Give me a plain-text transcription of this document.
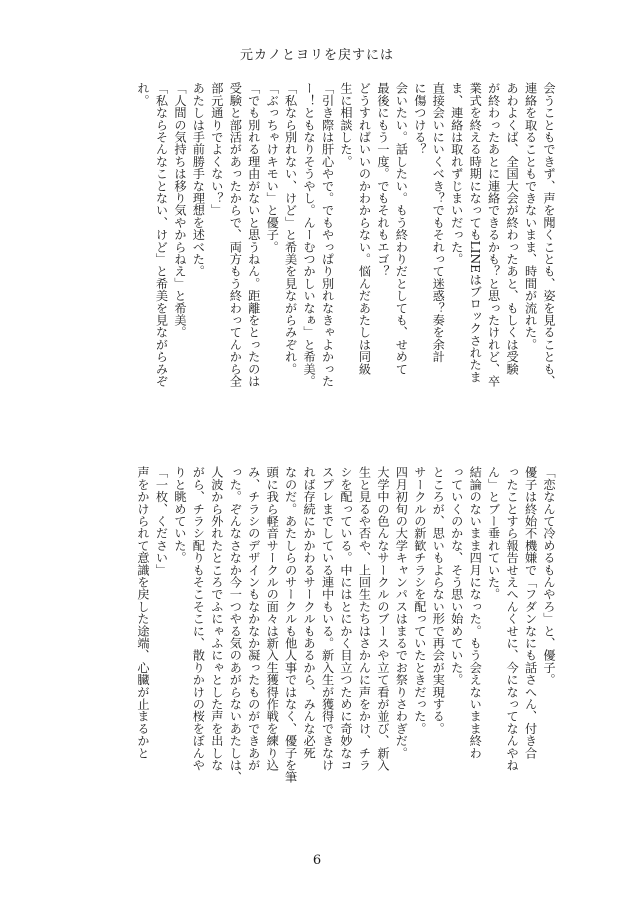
元カノとヨリを戻すには
会うこともできず、声を聞くことも、姿を見ることも、
連絡を取ることもできないまま、時間が流れた。
あわよくば、全国大会が終わったあと、もしくは受験
が終わったあとに連絡できるかも？と思ったけれど、卒
業式を終える時期になってもLINEはブロックされたま
ま、連絡は取れずじまいだった。
直接会いにいくべき？でもそれって迷惑？奏を余計
に傷つける？
会いたい。話したい。もう終わりだとしても、せめて
最後にもう一度。でもそれもエゴ？
どうすればいいのかわからない。悩んだあたしは同級
生に相談した。
「引き際は肝心やで。でもやっぱり別れなきゃよかった
ー！ともなりそうやし。んーむつかしいなぁ」と希美。
「私なら別れない、けど」と希美を見ながらみぞれ。
「ぶっちゃけキモい」と優子。
「でも別れる理由がないと思うねん。距離をとったのは
受験と部活があったからで、両方もう終わってんから全
部元通りでよくない？」
あたしは手前勝手な理想を述べた。
「人間の気持ちは移り気やからねえ」と希美。
「私ならそんなことない、けど」と希美を見ながらみぞ
れ。
「恋なんて冷めるもんやろ」と、優子。
優子は終始不機嫌で「フダンなにも話さへん、付き合
ったことすら報告せえへんくせに、今になってなんやね
ん」とブー垂れていた。
結論のないまま四月になった。もう会えないまま終わ
っていくのかな、そう思い始めていた。
ところが、思いもよらない形で再会が実現する。
サークルの新歓チラシを配っていたときだった。
四月初旬の大学キャンパスはまるでお祭りさわぎだ。
大学中の色んなサークルのブースや立て看が並び、新入
生と見るや否や、上回生たちはさかんに声をかけ、チラ
シを配っている。中にはとにかく目立つために奇妙なコ
スプレまでしている連中もいる。新入生が獲得できなけ
れば存続にかかわるサークルもあるから、みんな必死
なのだ。あたしらのサークルも他人事ではなく、優子を筆
頭に我ら軽音サークルの面々は新入生獲得作戦を練り込
み、チラシのデザインもなかなか凝ったものができあが
った。ぞんなさなか今一つやる気のあがらないあたしは、
人波から外れたところでふにゃふにゃとした声を出しな
がら、チラシ配りもそこそこに、散りかけの桜をぼんや
りと眺めていた。
「一枚、ください」
声をかけられて意識を戻した途端、心臓が止まるかと
6
